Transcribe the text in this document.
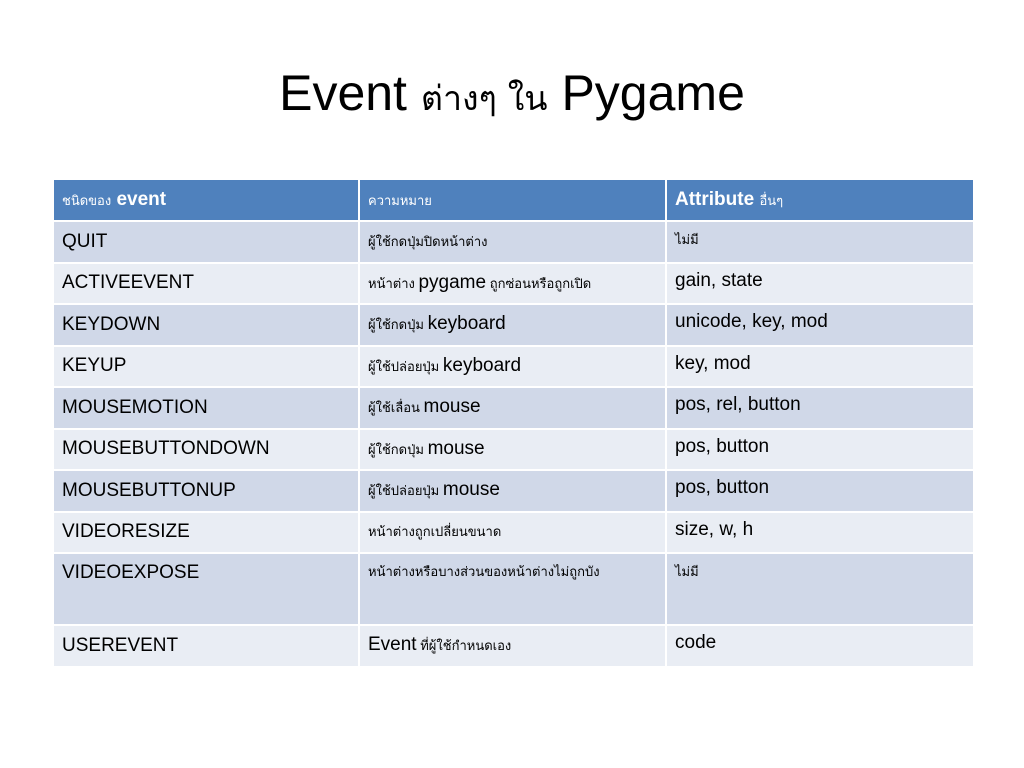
Event ต่างๆ ใน Pygame
ชนิดของ event	ความหมาย	Attribute อื่นๆ
QUIT	ผู้ใช้กดปุ่มปิดหน้าต่าง	ไม่มี
ACTIVEEVENT	หน้าต่าง pygame ถูกซ่อนหรือถูกเปิด	gain, state
KEYDOWN	ผู้ใช้กดปุ่ม keyboard	unicode, key, mod
KEYUP	ผู้ใช้ปล่อยปุ่ม keyboard	key, mod
MOUSEMOTION	ผู้ใช้เลื่อน mouse	pos, rel, button
MOUSEBUTTONDOWN	ผู้ใช้กดปุ่ม mouse	pos, button
MOUSEBUTTONUP	ผู้ใช้ปล่อยปุ่ม mouse	pos, button
VIDEORESIZE	หน้าต่างถูกเปลี่ยนขนาด	size, w, h
VIDEOEXPOSE	หน้าต่างหรือบางส่วนของหน้าต่างไม่ถูกบัง	ไม่มี
USEREVENT	Event ที่ผู้ใช้กำหนดเอง	code
